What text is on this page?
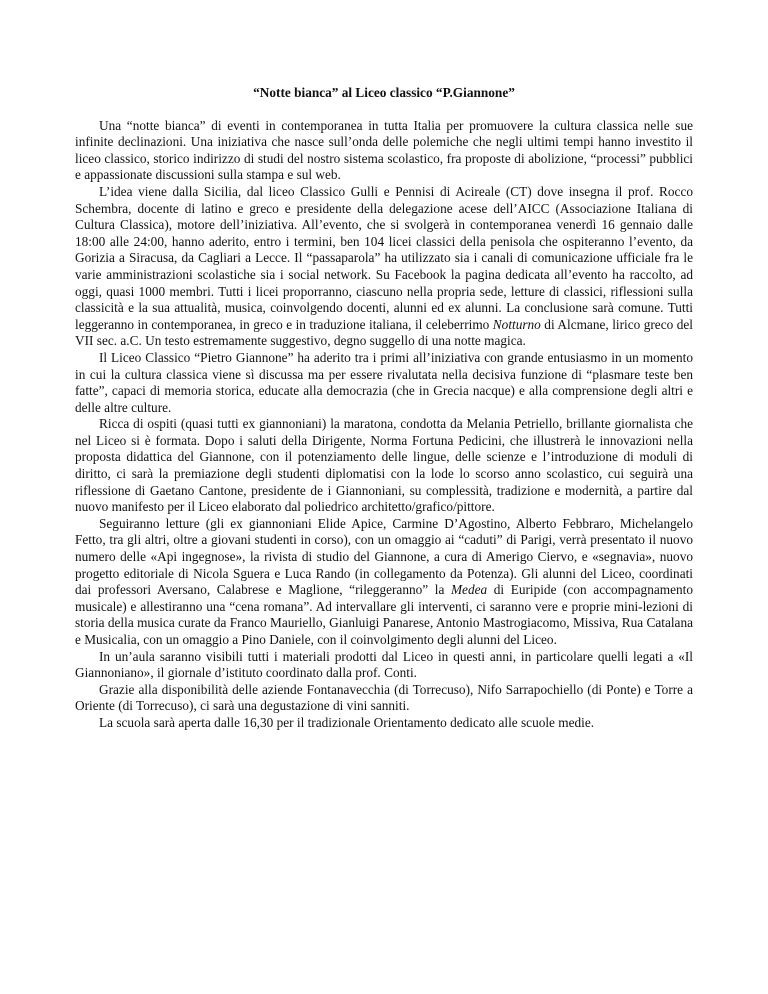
“Notte bianca” al Liceo classico “P.Giannone”

Una “notte bianca” di eventi in contemporanea in tutta Italia per promuovere la cultura classica nelle sue infinite declinazioni. Una iniziativa che nasce sull’onda delle polemiche che negli ultimi tempi hanno investito il liceo classico, storico indirizzo di studi del nostro sistema scolastico, fra proposte di abolizione, “processi” pubblici e appassionate discussioni sulla stampa e sul web.

L’idea viene dalla Sicilia, dal liceo Classico Gulli e Pennisi di Acireale (CT) dove insegna il prof. Rocco Schembra, docente di latino e greco e presidente della delegazione acese dell’AICC (Associazione Italiana di Cultura Classica), motore dell’iniziativa. All’evento, che si svolgerà in contemporanea venerdì 16 gennaio dalle 18:00 alle 24:00, hanno aderito, entro i termini, ben 104 licei classici della penisola che ospiteranno l’evento, da Gorizia a Siracusa, da Cagliari a Lecce. Il “passaparola” ha utilizzato sia i canali di comunicazione ufficiale fra le varie amministrazioni scolastiche sia i social network. Su Facebook la pagina dedicata all’evento ha raccolto, ad oggi, quasi 1000 membri. Tutti i licei proporranno, ciascuno nella propria sede, letture di classici, riflessioni sulla classicità e la sua attualità, musica, coinvolgendo docenti, alunni ed ex alunni. La conclusione sarà comune. Tutti leggeranno in contemporanea, in greco e in traduzione italiana, il celeberrimo Notturno di Alcmane, lirico greco del VII sec. a.C. Un testo estremamente suggestivo, degno suggello di una notte magica.

Il Liceo Classico “Pietro Giannone” ha aderito tra i primi all’iniziativa con grande entusiasmo in un momento in cui la cultura classica viene sì discussa ma per essere rivalutata nella decisiva funzione di “plasmare teste ben fatte”, capaci di memoria storica, educate alla democrazia (che in Grecia nacque) e alla comprensione degli altri e delle altre culture.

Ricca di ospiti (quasi tutti ex giannoniani) la maratona, condotta da Melania Petriello, brillante giornalista che nel Liceo si è formata. Dopo i saluti della Dirigente, Norma Fortuna Pedicini, che illustrerà le innovazioni nella proposta didattica del Giannone, con il potenziamento delle lingue, delle scienze e l’introduzione di moduli di diritto, ci sarà la premiazione degli studenti diplomatisi con la lode lo scorso anno scolastico, cui seguirà una riflessione di Gaetano Cantone, presidente de i Giannoniani, su complessità, tradizione e modernità, a partire dal nuovo manifesto per il Liceo elaborato dal poliedrico architetto/grafico/pittore.

Seguiranno letture (gli ex giannoniani Elide Apice, Carmine D’Agostino, Alberto Febbraro, Michelangelo Fetto, tra gli altri, oltre a giovani studenti in corso), con un omaggio ai “caduti” di Parigi, verrà presentato il nuovo numero delle «Api ingegnose», la rivista di studio del Giannone, a cura di Amerigo Ciervo, e «segnavia», nuovo progetto editoriale di Nicola Sguera e Luca Rando (in collegamento da Potenza). Gli alunni del Liceo, coordinati dai professori Aversano, Calabrese e Maglione, “rileggeranno” la Medea di Euripide (con accompagnamento musicale) e allestiranno una “cena romana”. Ad intervallare gli interventi, ci saranno vere e proprie mini-lezioni di storia della musica curate da Franco Mauriello, Gianluigi Panarese, Antonio Mastrogiacomo, Missiva, Rua Catalana e Musicalia, con un omaggio a Pino Daniele, con il coinvolgimento degli alunni del Liceo.

In un’aula saranno visibili tutti i materiali prodotti dal Liceo in questi anni, in particolare quelli legati a «Il Giannoniano», il giornale d’istituto coordinato dalla prof. Conti.

Grazie alla disponibilità delle aziende Fontanavecchia (di Torrecuso), Nifo Sarrapochiello (di Ponte) e Torre a Oriente (di Torrecuso), ci sarà una degustazione di vini sanniti.

La scuola sarà aperta dalle 16,30 per il tradizionale Orientamento dedicato alle scuole medie.
